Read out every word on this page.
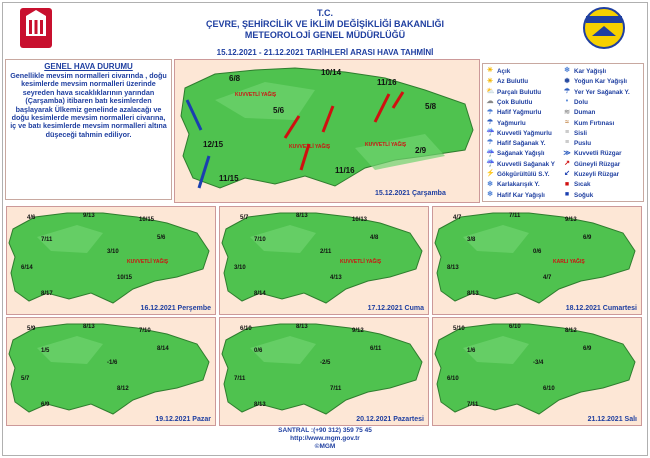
T.C.
ÇEVRE, ŞEHİRCİLİK VE İKLİM DEĞİŞİKLİĞİ BAKANLIĞI
METEOROLOJİ GENEL MÜDÜRLÜĞÜ
15.12.2021 - 21.12.2021 TARİHLERİ ARASI HAVA TAHMİNİ
GENEL HAVA DURUMU

Genellikle mevsim normalleri civarında , doğu kesimlerde mevsim normalleri üzerinde seyreden hava sıcaklıklarının yarından (Çarşamba) itibaren batı kesimlerden başlayarak Ülkemiz genelinde azalacağı ve doğu kesimlerde mevsim normalleri civarına, iç ve batı kesimlerde mevsim normalleri altına düşeceği tahmin ediliyor.

6/8
10/14
5/6
11/16
5/8
12/15
2/9
11/15
11/16
KUVVETLİ YAĞIŞ
KUVVETLİ YAĞIŞ	KUVVETLİ YAĞIŞ
15.12.2021 Çarşamba
☀ Açık
☀ Az Bulutlu
⛅ Parçalı Bulutlu
☁ Çok Bulutlu
☂ Hafif Yağmurlu
☂ Yağmurlu
☔ Kuvvetli Yağmurlu
☂ Hafif Sağanak Y.
☔ Sağanak Yağışlı
☔ Kuvvetli Sağanak Y
⚡ Gökgürültülü S.Y.
❄ Karlakarışık Y.
❄ Hafif Kar Yağışlı
❄ Kar Yağışlı
❅ Yoğun Kar Yağışlı
☂ Yer Yer Sağanak Y.
• Dolu
≋ Duman
≈ Kum Fırtınası
≡ Sisli
≡ Puslu
≫ Kuvvetli Rüzgar
↗ Güneyli Rüzgar
↙ Kuzeyli Rüzgar
■ Sıcak
■ Soğuk
4/6	9/13
10/15
5/6
7/11
3/10
6/14
8/17
10/15
KUVVETLİ YAĞIŞ
16.12.2021 Perşembe
5/7	8/13
10/13
4/8
7/10
2/11
3/10
8/14
4/13
KUVVETLİ YAĞIŞ
17.12.2021 Cuma
4/7	7/11
9/13
6/9
3/8
0/6
8/13
8/13
4/7
KARLI YAĞIŞ
18.12.2021 Cumartesi
5/9	8/13
7/10
8/14
1/5
-1/6
5/7
6/9
8/12
19.12.2021 Pazar
6/10	8/13
9/12
6/11
0/6
-2/5
7/11
8/13
7/11
20.12.2021 Pazartesi
5/10	6/10
8/12
6/9
1/6
-3/4
6/10
7/11
6/10
21.12.2021 Salı
SANTRAL :(+90 312) 359 75 45
http://www.mgm.gov.tr
©MGM
